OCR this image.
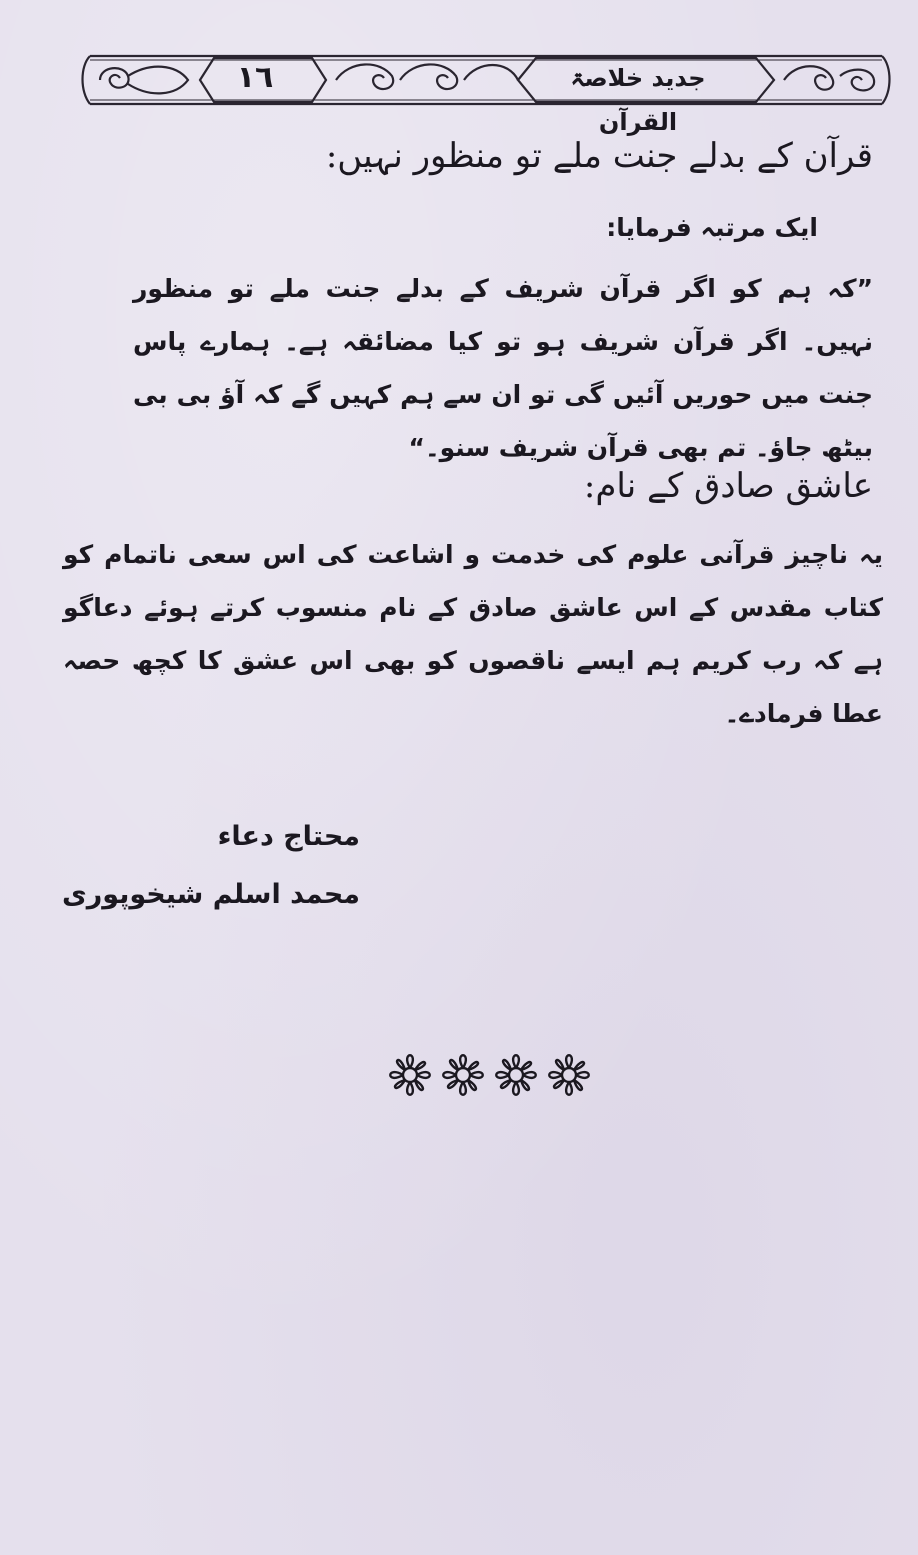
١٦	جدید خلاصۃ القرآن
قرآن کے بدلے جنت ملے تو منظور نہیں:
ایک مرتبہ فرمایا:
”کہ ہم کو اگر قرآن شریف کے بدلے جنت ملے تو منظور نہیں۔ اگر قرآن شریف ہو تو کیا مضائقہ ہے۔ ہمارے پاس جنت میں حوریں آئیں گی تو ان سے ہم کہیں گے کہ آؤ بی بی بیٹھ جاؤ۔ تم بھی قرآن شریف سنو۔“
عاشق صادق کے نام:
یہ ناچیز قرآنی علوم کی خدمت و اشاعت کی اس سعی ناتمام کو کتاب مقدس کے اس عاشق صادق کے نام منسوب کرتے ہوئے دعاگو ہے کہ رب کریم ہم ایسے ناقصوں کو بھی اس عشق کا کچھ حصہ عطا فرمادے۔
محتاج دعاء
محمد اسلم شیخوپوری
